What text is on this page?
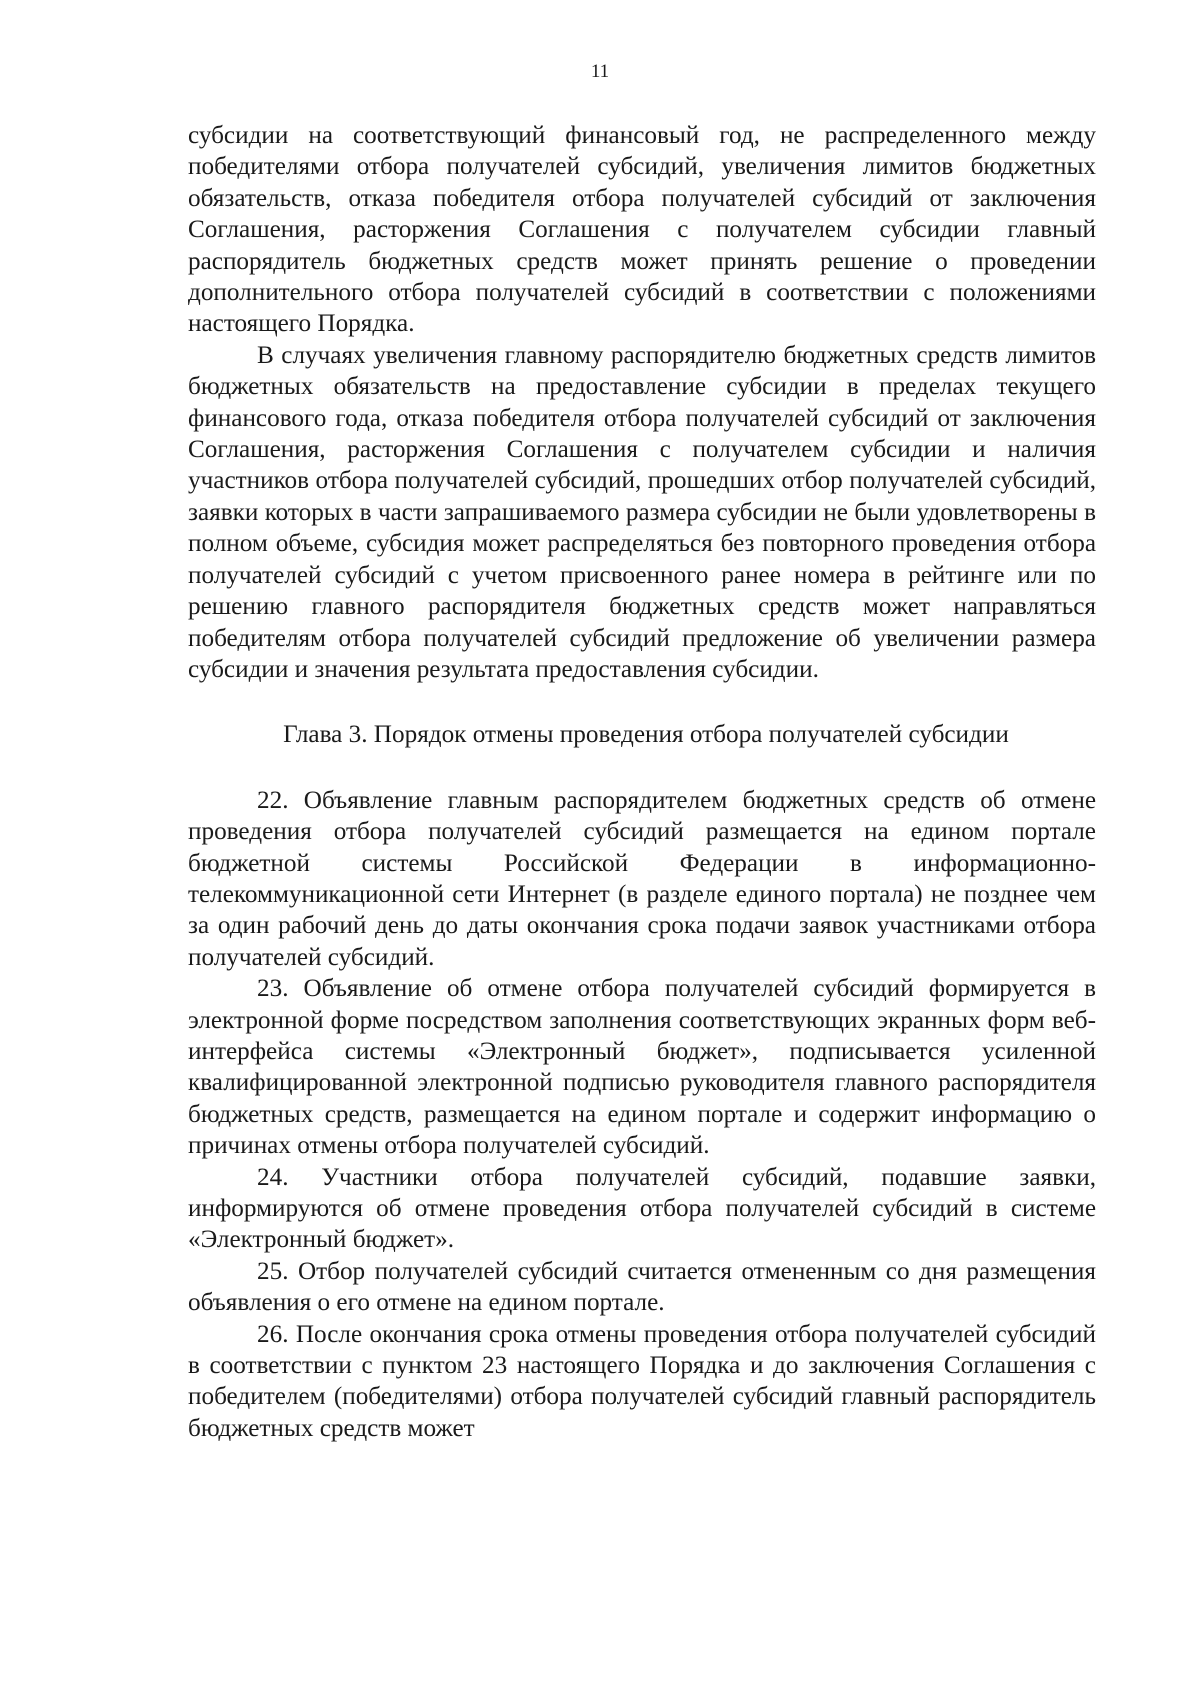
11

субсидии на соответствующий финансовый год, не распределенного между победителями отбора получателей субсидий, увеличения лимитов бюджетных обязательств, отказа победителя отбора получателей субсидий от заключения Соглашения, расторжения Соглашения с получателем субсидии главный распорядитель бюджетных средств может принять решение о проведении дополнительного отбора получателей субсидий в соответствии с положениями настоящего Порядка.

В случаях увеличения главному распорядителю бюджетных средств лимитов бюджетных обязательств на предоставление субсидии в пределах текущего финансового года, отказа победителя отбора получателей субсидий от заключения Соглашения, расторжения Соглашения с получателем субсидии и наличия участников отбора получателей субсидий, прошедших отбор получателей субсидий, заявки которых в части запрашиваемого размера субсидии не были удовлетворены в полном объеме, субсидия может распределяться без повторного проведения отбора получателей субсидий с учетом присвоенного ранее номера в рейтинге или по решению главного распорядителя бюджетных средств может направляться победителям отбора получателей субсидий предложение об увеличении размера субсидии и значения результата предоставления субсидии.

Глава 3. Порядок отмены проведения отбора получателей субсидии

22. Объявление главным распорядителем бюджетных средств об отмене проведения отбора получателей субсидий размещается на едином портале бюджетной системы Российской Федерации в информационно-телекоммуникационной сети Интернет (в разделе единого портала) не позднее чем за один рабочий день до даты окончания срока подачи заявок участниками отбора получателей субсидий.

23. Объявление об отмене отбора получателей субсидий формируется в электронной форме посредством заполнения соответствующих экранных форм веб-интерфейса системы «Электронный бюджет», подписывается усиленной квалифицированной электронной подписью руководителя главного распорядителя бюджетных средств, размещается на едином портале и содержит информацию о причинах отмены отбора получателей субсидий.

24. Участники отбора получателей субсидий, подавшие заявки, информируются об отмене проведения отбора получателей субсидий в системе «Электронный бюджет».

25. Отбор получателей субсидий считается отмененным со дня размещения объявления о его отмене на едином портале.

26. После окончания срока отмены проведения отбора получателей субсидий в соответствии с пунктом 23 настоящего Порядка и до заключения Соглашения с победителем (победителями) отбора получателей субсидий главный распорядитель бюджетных средств может
